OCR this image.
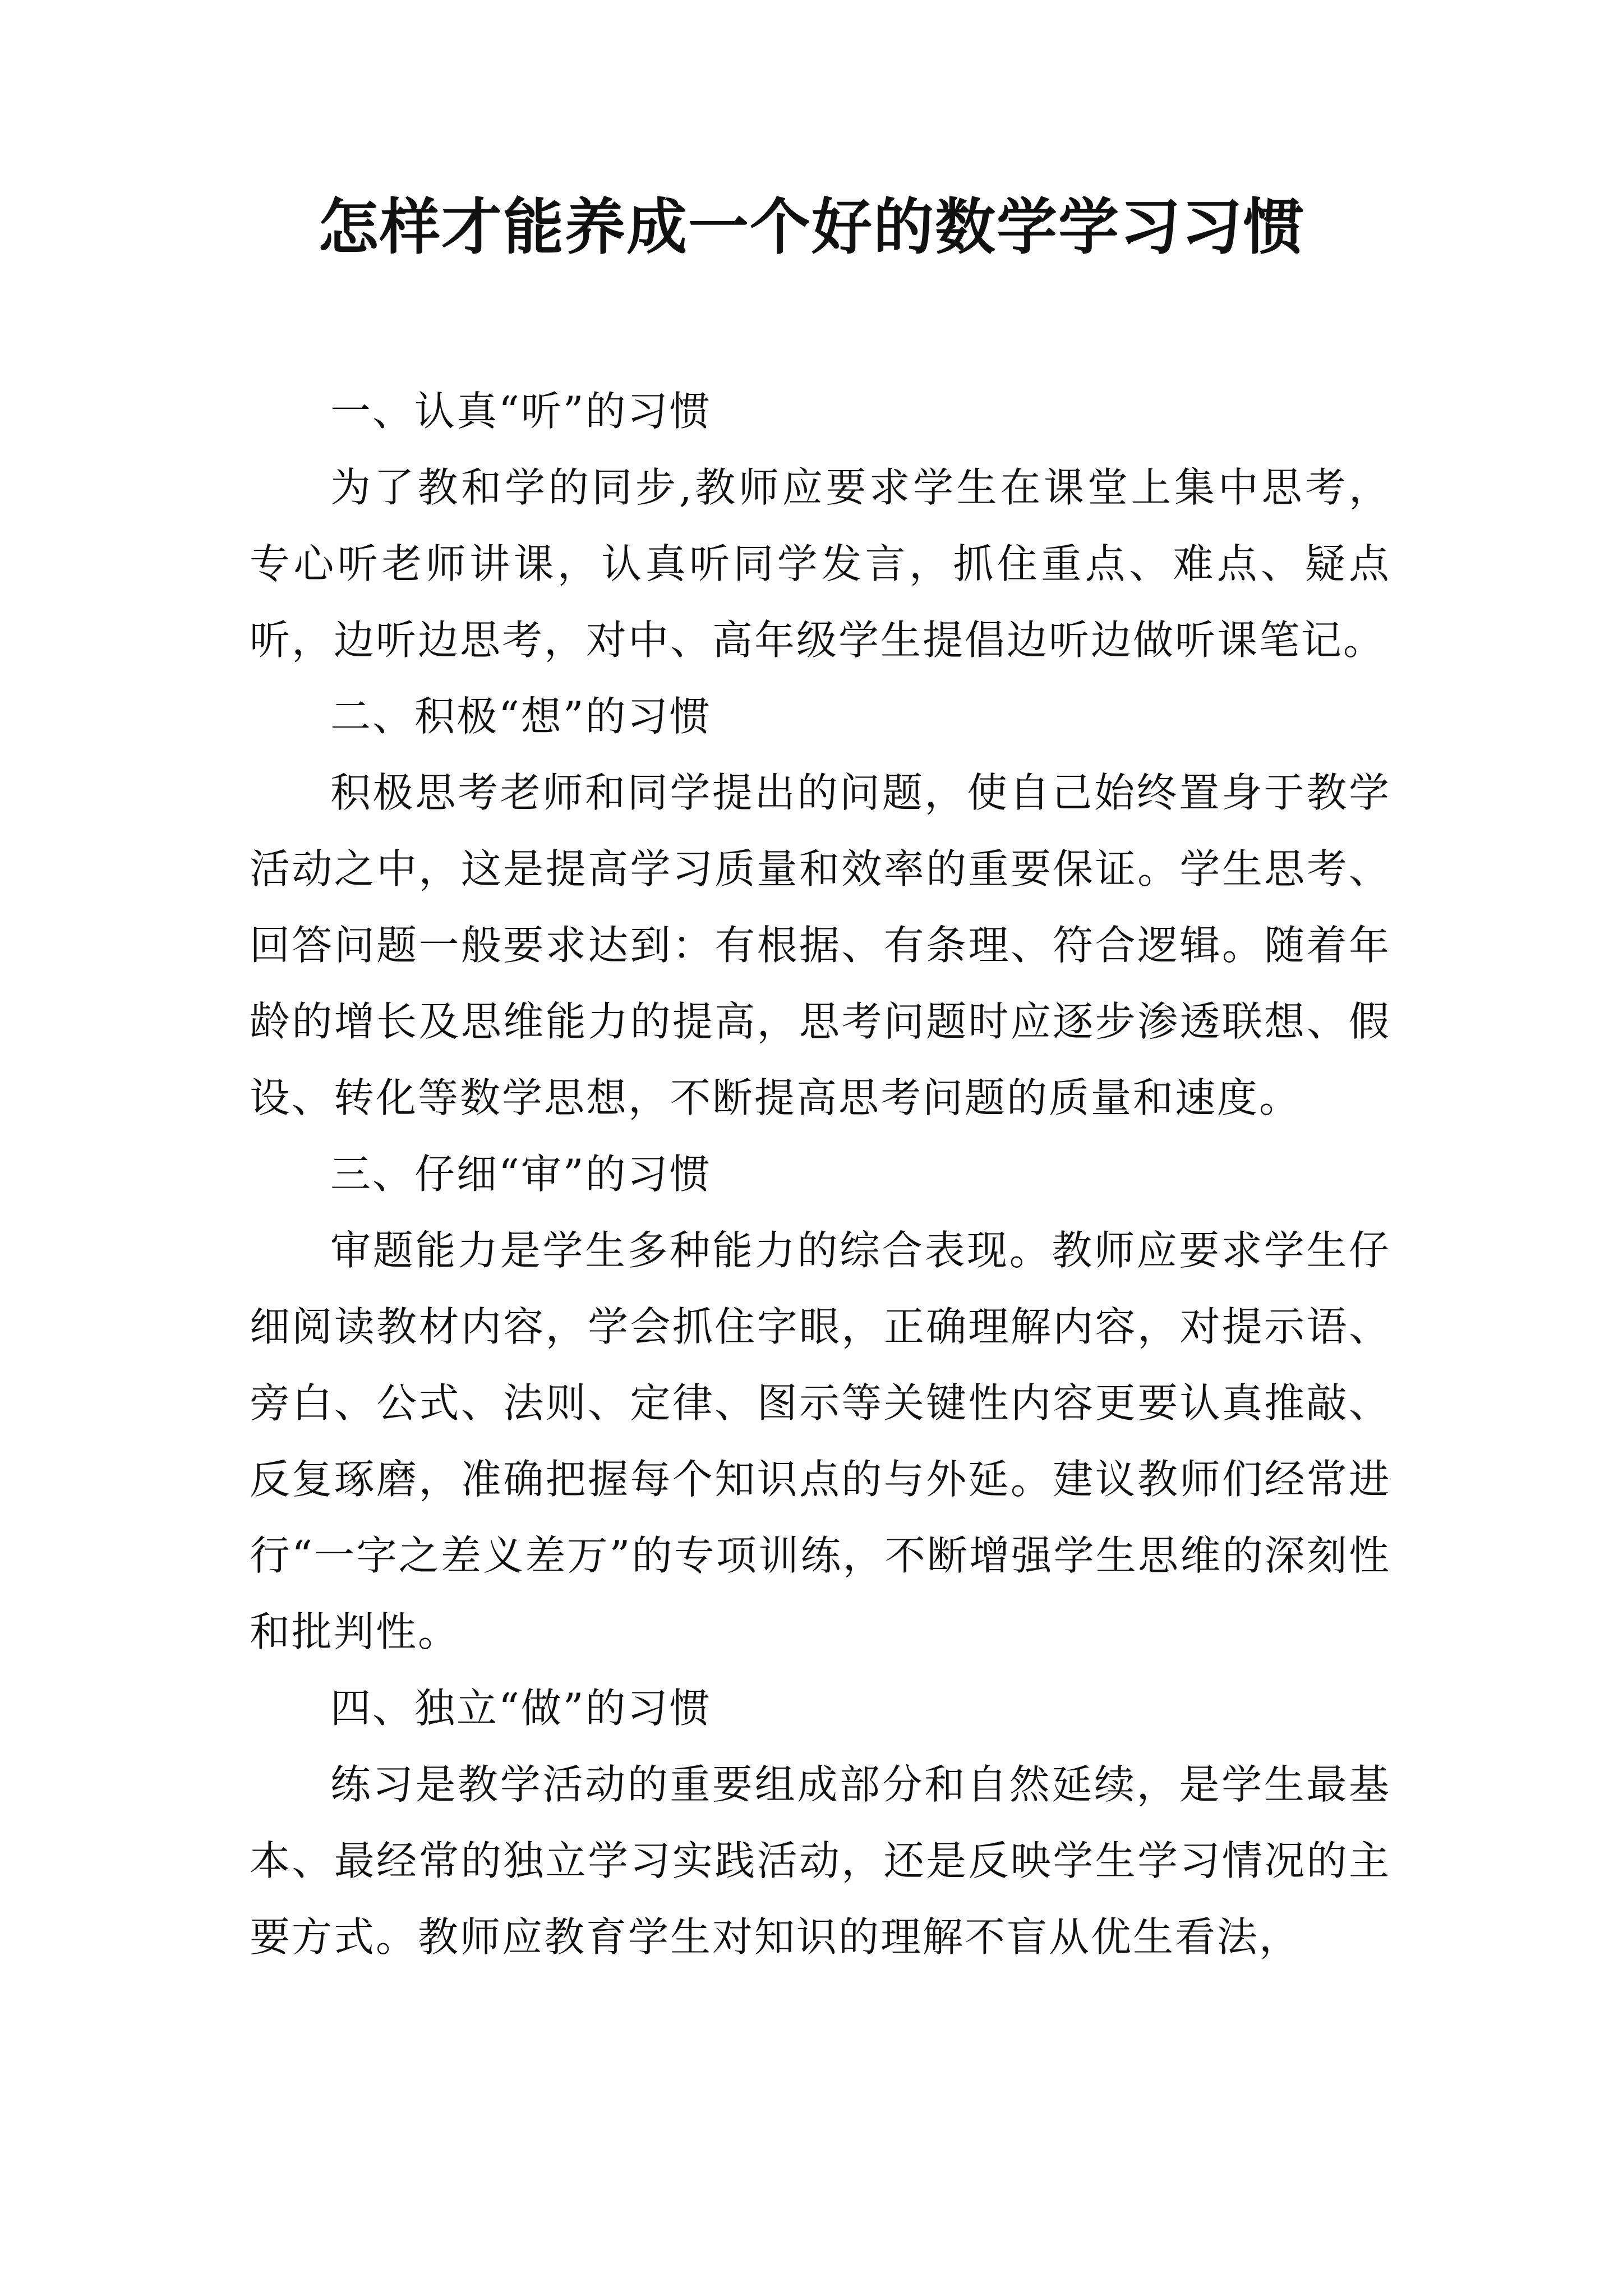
怎样才能养成一个好的数学学习习惯

一、认真“听”的习惯

为了教和学的同步,教师应要求学生在课堂上集中思考，专心听老师讲课，认真听同学发言，抓住重点、难点、疑点听，边听边思考，对中、高年级学生提倡边听边做听课笔记。

二、积极“想”的习惯

积极思考老师和同学提出的问题，使自己始终置身于教学活动之中，这是提高学习质量和效率的重要保证。学生思考、回答问题一般要求达到：有根据、有条理、符合逻辑。随着年龄的增长及思维能力的提高，思考问题时应逐步渗透联想、假设、转化等数学思想，不断提高思考问题的质量和速度。

三、仔细“审”的习惯

审题能力是学生多种能力的综合表现。教师应要求学生仔细阅读教材内容，学会抓住字眼，正确理解内容，对提示语、旁白、公式、法则、定律、图示等关键性内容更要认真推敲、反复琢磨，准确把握每个知识点的与外延。建议教师们经常进行“一字之差义差万”的专项训练，不断增强学生思维的深刻性和批判性。

四、独立“做”的习惯

练习是教学活动的重要组成部分和自然延续，是学生最基本、最经常的独立学习实践活动，还是反映学生学习情况的主要方式。教师应教育学生对知识的理解不盲从优生看法，
